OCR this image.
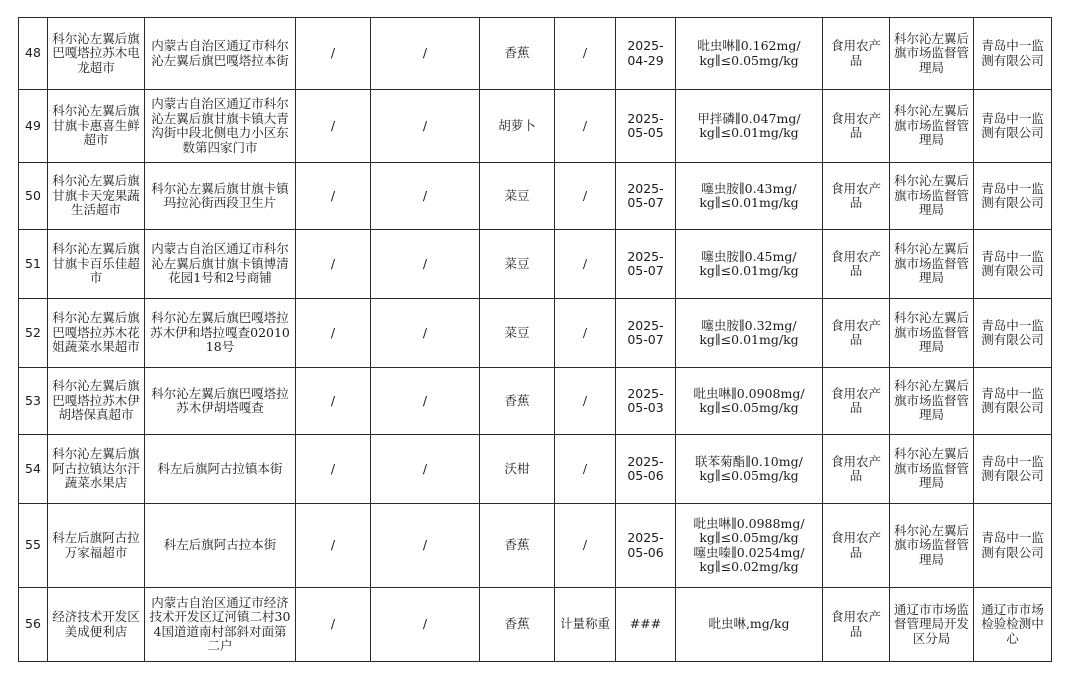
48	科尔沁左翼后旗巴嘎塔拉苏木电龙超市	内蒙古自治区通辽市科尔沁左翼后旗巴嘎塔拉本街	/	/	香蕉	/	2025-
04-29	吡虫啉∥0.162mg/
kg∥≤0.05mg/kg	食用农产品	科尔沁左翼后旗市场监督管理局	青岛中一监测有限公司
49	科尔沁左翼后旗甘旗卡惠喜生鲜超市	内蒙古自治区通辽市科尔沁左翼后旗甘旗卡镇大青沟街中段北侧电力小区东数第四家门市	/	/	胡萝卜	/	2025-
05-05	甲拌磷∥0.047mg/
kg∥≤0.01mg/kg	食用农产品	科尔沁左翼后旗市场监督管理局	青岛中一监测有限公司
50	科尔沁左翼后旗甘旗卡天宠果蔬生活超市	科尔沁左翼后旗甘旗卡镇玛拉沁街西段卫生片	/	/	菜豆	/	2025-
05-07	噻虫胺∥0.43mg/
kg∥≤0.01mg/kg	食用农产品	科尔沁左翼后旗市场监督管理局	青岛中一监测有限公司
51	科尔沁左翼后旗甘旗卡百乐佳超市	内蒙古自治区通辽市科尔沁左翼后旗甘旗卡镇博清花园1号和2号商铺	/	/	菜豆	/	2025-
05-07	噻虫胺∥0.45mg/
kg∥≤0.01mg/kg	食用农产品	科尔沁左翼后旗市场监督管理局	青岛中一监测有限公司
52	科尔沁左翼后旗巴嘎塔拉苏木花姐蔬菜水果超市	科尔沁左翼后旗巴嘎塔拉苏木伊和塔拉嘎查0201018号	/	/	菜豆	/	2025-
05-07	噻虫胺∥0.32mg/
kg∥≤0.01mg/kg	食用农产品	科尔沁左翼后旗市场监督管理局	青岛中一监测有限公司
53	科尔沁左翼后旗巴嘎塔拉苏木伊胡塔保真超市	科尔沁左翼后旗巴嘎塔拉苏木伊胡塔嘎查	/	/	香蕉	/	2025-
05-03	吡虫啉∥0.0908mg/
kg∥≤0.05mg/kg	食用农产品	科尔沁左翼后旗市场监督管理局	青岛中一监测有限公司
54	科尔沁左翼后旗阿古拉镇达尔汗蔬菜水果店	科左后旗阿古拉镇本街	/	/	沃柑	/	2025-
05-06	联苯菊酯∥0.10mg/
kg∥≤0.05mg/kg	食用农产品	科尔沁左翼后旗市场监督管理局	青岛中一监测有限公司
55	科左后旗阿古拉万家福超市	科左后旗阿古拉本街	/	/	香蕉	/	2025-
05-06	吡虫啉∥0.0988mg/
kg∥≤0.05mg/kg
噻虫嗪∥0.0254mg/
kg∥≤0.02mg/kg	食用农产品	科尔沁左翼后旗市场监督管理局	青岛中一监测有限公司
56	经济技术开发区美成便利店	内蒙古自治区通辽市经济技术开发区辽河镇二村304国道道南村部斜对面第二户	/	/	香蕉	计量称重	###	吡虫啉,mg/kg	食用农产品	通辽市市场监督管理局开发区分局	通辽市市场检验检测中心
